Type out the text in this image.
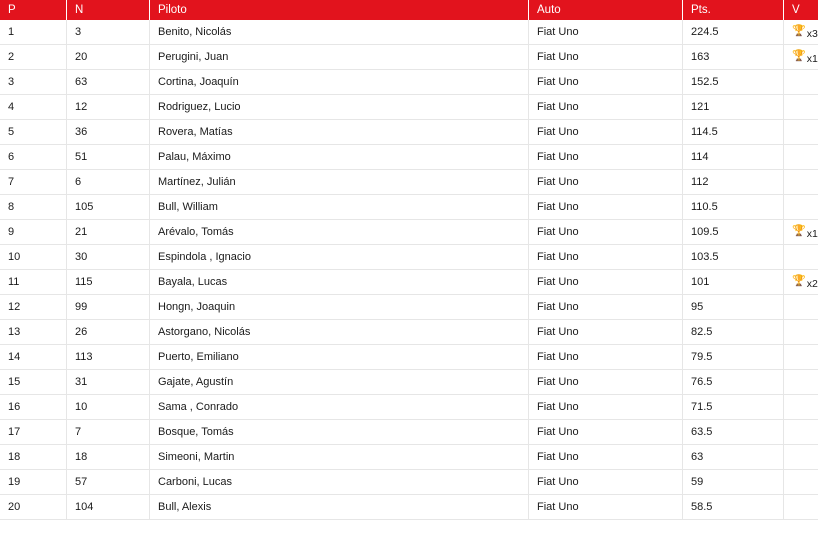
P	N	Piloto	Auto	Pts.	V
1	3	Benito, Nicolás	Fiat Uno	224.5	🏆 x3

2	20	Perugini, Juan	Fiat Uno	163	🏆 x1

3	63	Cortina, Joaquín	Fiat Uno	152.5	
4	12	Rodriguez, Lucio	Fiat Uno	121	
5	36	Rovera, Matías	Fiat Uno	114.5	
6	51	Palau, Máximo	Fiat Uno	114	
7	6	Martínez, Julián	Fiat Uno	112	
8	105	Bull, William	Fiat Uno	110.5	
9	21	Arévalo, Tomás	Fiat Uno	109.5	🏆 x1

10	30	Espindola , Ignacio	Fiat Uno	103.5	
11	115	Bayala, Lucas	Fiat Uno	101	🏆 x2

12	99	Hongn, Joaquin	Fiat Uno	95	
13	26	Astorgano, Nicolás	Fiat Uno	82.5	
14	113	Puerto, Emiliano	Fiat Uno	79.5	
15	31	Gajate, Agustín	Fiat Uno	76.5	
16	10	Sama , Conrado	Fiat Uno	71.5	
17	7	Bosque, Tomás	Fiat Uno	63.5	
18	18	Simeoni, Martin	Fiat Uno	63	
19	57	Carboni, Lucas	Fiat Uno	59	
20	104	Bull, Alexis	Fiat Uno	58.5	
